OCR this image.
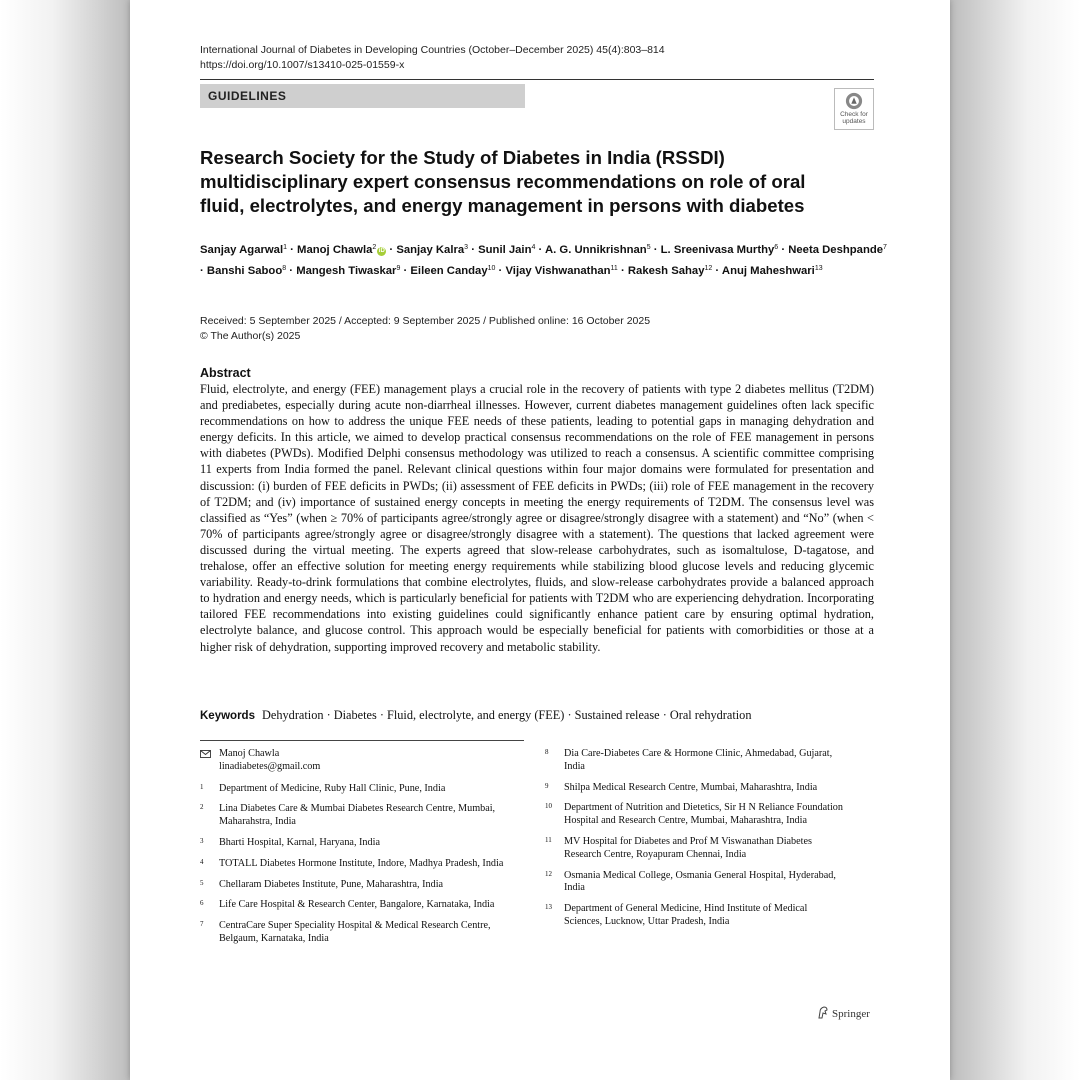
International Journal of Diabetes in Developing Countries (October–December 2025) 45(4):803–814
https://doi.org/10.1007/s13410-025-01559-x
GUIDELINES
Check for
updates
Research Society for the Study of Diabetes in India (RSSDI) multidisciplinary expert consensus recommendations on role of oral fluid, electrolytes, and energy management in persons with diabetes
Sanjay Agarwal$^1$ · Manoj Chawla$^2$ iD · Sanjay Kalra$^3$ · Sunil Jain$^4$ · A. G. Unnikrishnan$^5$ · L. Sreenivasa Murthy$^6$ · Neeta Deshpande$^7$ · Banshi Saboo$^8$ · Mangesh Tiwaskar$^9$ · Eileen Canday$^{10}$ · Vijay Vishwanathan$^{11}$ · Rakesh Sahay$^{12}$ · Anuj Maheshwari$^{13}$
Received: 5 September 2025 / Accepted: 9 September 2025 / Published online: 16 October 2025
© The Author(s) 2025
Abstract
Fluid, electrolyte, and energy (FEE) management plays a crucial role in the recovery of patients with type 2 diabetes mellitus (T2DM) and prediabetes, especially during acute non-diarrheal illnesses. However, current diabetes management guidelines often lack specific recommendations on how to address the unique FEE needs of these patients, leading to potential gaps in managing dehydration and energy deficits. In this article, we aimed to develop practical consensus recommendations on the role of FEE management in persons with diabetes (PWDs). Modified Delphi consensus methodology was utilized to reach a consensus. A scientific committee comprising 11 experts from India formed the panel. Relevant clinical questions within four major domains were formulated for presentation and discussion: (i) burden of FEE deficits in PWDs; (ii) assessment of FEE deficits in PWDs; (iii) role of FEE management in the recovery of T2DM; and (iv) importance of sustained energy concepts in meeting the energy requirements of T2DM. The consensus level was classified as “Yes” (when ≥ 70% of participants agree/strongly agree or disagree/strongly disagree with a statement) and “No” (when < 70% of participants agree/strongly agree or disagree/strongly disagree with a statement). The questions that lacked agreement were discussed during the virtual meeting. The experts agreed that slow-release carbohydrates, such as isomaltulose, D-tagatose, and trehalose, offer an effective solution for meeting energy requirements while stabilizing blood glucose levels and reducing glycemic variability. Ready-to-drink formulations that combine electrolytes, fluids, and slow-release carbohydrates provide a balanced approach to hydration and energy needs, which is particularly beneficial for patients with T2DM who are experiencing dehydration. Incorporating tailored FEE recommendations into existing guidelines could significantly enhance patient care by ensuring optimal hydration, electrolyte balance, and glucose control. This approach would be especially beneficial for patients with comorbidities or those at a higher risk of dehydration, supporting improved recovery and metabolic stability.
Keywords Dehydration · Diabetes · Fluid, electrolyte, and energy (FEE) · Sustained release · Oral rehydration
Manoj Chawla
linadiabetes@gmail.com
1 Department of Medicine, Ruby Hall Clinic, Pune, India
2 Lina Diabetes Care & Mumbai Diabetes Research Centre, Mumbai, Maharahstra, India
3 Bharti Hospital, Karnal, Haryana, India
4 TOTALL Diabetes Hormone Institute, Indore, Madhya Pradesh, India
5 Chellaram Diabetes Institute, Pune, Maharashtra, India
6 Life Care Hospital & Research Center, Bangalore, Karnataka, India
7 CentraCare Super Speciality Hospital & Medical Research Centre, Belgaum, Karnataka, India
8 Dia Care-Diabetes Care & Hormone Clinic, Ahmedabad, Gujarat, India
9 Shilpa Medical Research Centre, Mumbai, Maharashtra, India
10 Department of Nutrition and Dietetics, Sir H N Reliance Foundation Hospital and Research Centre, Mumbai, Maharashtra, India
11 MV Hospital for Diabetes and Prof M Viswanathan Diabetes Research Centre, Royapuram Chennai, India
12 Osmania Medical College, Osmania General Hospital, Hyderabad, India
13 Department of General Medicine, Hind Institute of Medical Sciences, Lucknow, Uttar Pradesh, India
Springer
